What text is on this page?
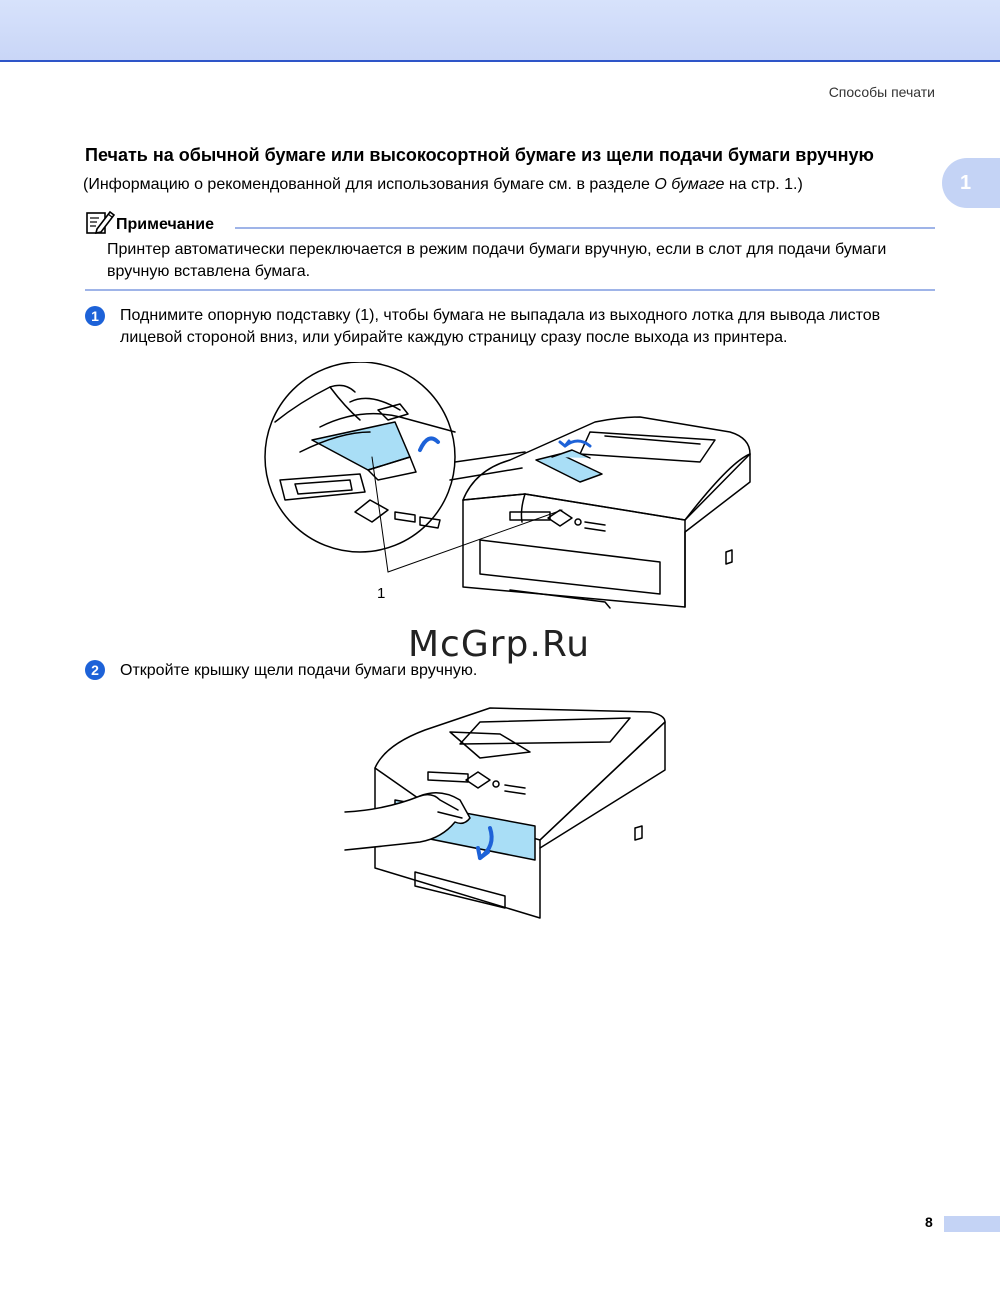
Способы печати
1
Печать на обычной бумаге или высокосортной бумаге из щели подачи бумаги вручную
(Информацию о рекомендованной для использования бумаге см. в разделе О бумаге на стр. 1.)
Примечание
Принтер автоматически переключается в режим подачи бумаги вручную, если в слот для подачи бумаги вручную вставлена бумага.
1	Поднимите опорную подставку (1), чтобы бумага не выпадала из выходного лотка для вывода листов лицевой стороной вниз, или убирайте каждую страницу сразу после выхода из принтера.
1
McGrp.Ru
2	Откройте крышку щели подачи бумаги вручную.
8
